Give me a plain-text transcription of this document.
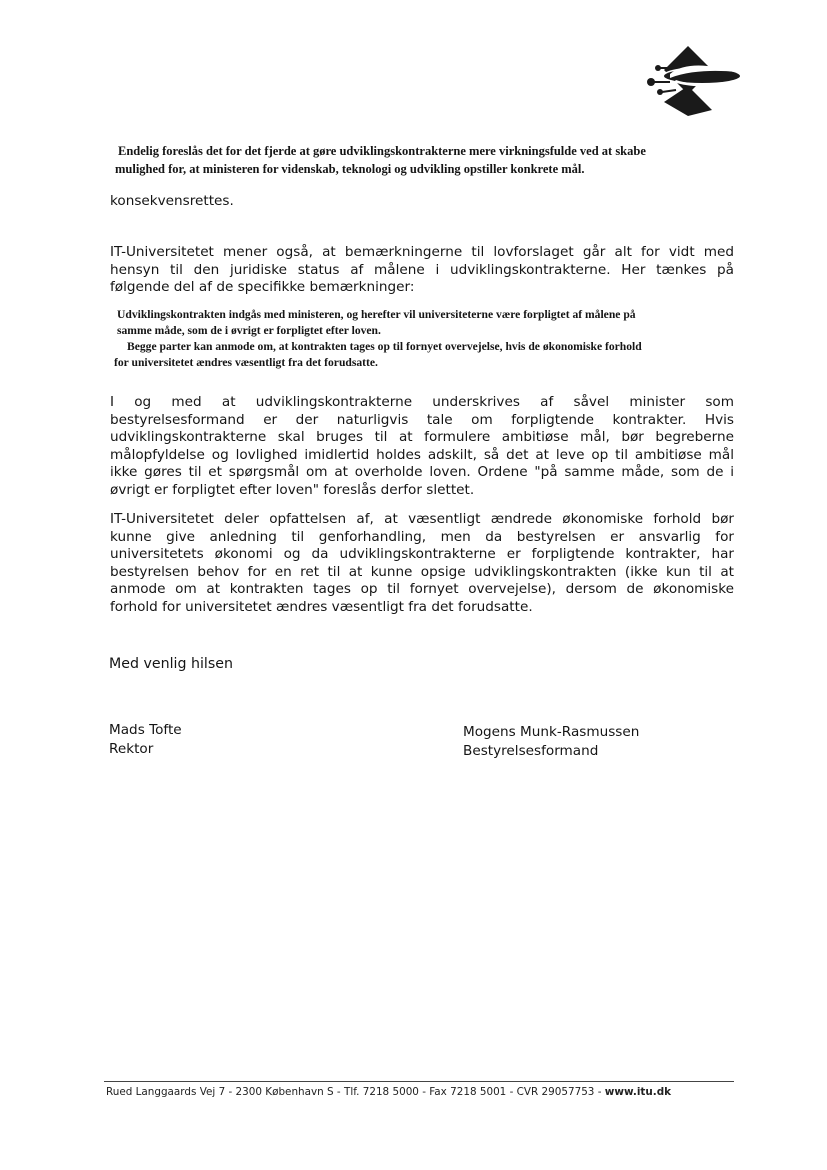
Endelig foreslås det for det fjerde at gøre udviklingskontrakterne mere virkningsfulde ved at skabe
mulighed for, at ministeren for videnskab, teknologi og udvikling opstiller konkrete mål.
konsekvensrettes.
IT-Universitetet mener også, at bemærkningerne til lovforslaget går alt for vidt med
hensyn til den juridiske status af målene i udviklingskontrakterne. Her tænkes på
følgende del af de specifikke bemærkninger:
Udviklingskontrakten indgås med ministeren, og herefter vil universiteterne være forpligtet af målene på
samme måde, som de i øvrigt er forpligtet efter loven.
Begge parter kan anmode om, at kontrakten tages op til fornyet overvejelse, hvis de økonomiske forhold
for universitetet ændres væsentligt fra det forudsatte.
I og med at udviklingskontrakterne underskrives af såvel minister som
bestyrelsesformand er der naturligvis tale om forpligtende kontrakter. Hvis
udviklingskontrakterne skal bruges til at formulere ambitiøse mål, bør begreberne
målopfyldelse og lovlighed imidlertid holdes adskilt, så det at leve op til ambitiøse mål
ikke gøres til et spørgsmål om at overholde loven. Ordene "på samme måde, som de i
øvrigt er forpligtet efter loven" foreslås derfor slettet.
IT-Universitetet deler opfattelsen af, at væsentligt ændrede økonomiske forhold bør
kunne give anledning til genforhandling, men da bestyrelsen er ansvarlig for
universitetets økonomi og da udviklingskontrakterne er forpligtende kontrakter, har
bestyrelsen behov for en ret til at kunne opsige udviklingskontrakten (ikke kun til at
anmode om at kontrakten tages op til fornyet overvejelse), dersom de økonomiske
forhold for universitetet ændres væsentligt fra det forudsatte.
Med venlig hilsen
Mads Tofte
Rektor
Mogens Munk-Rasmussen
Bestyrelsesformand
Rued Langgaards Vej 7 - 2300 København S - Tlf. 7218 5000 - Fax 7218 5001 - CVR 29057753 - www.itu.dk
